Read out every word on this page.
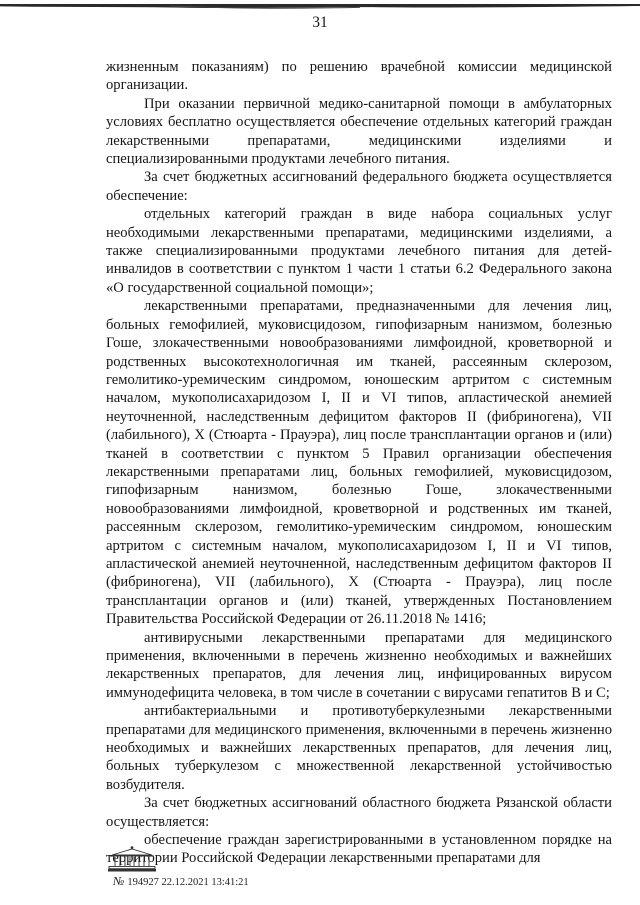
31

жизненным показаниям) по решению врачебной комиссии медицинской организации.

При оказании первичной медико-санитарной помощи в амбулаторных условиях бесплатно осуществляется обеспечение отдельных категорий граждан лекарственными препаратами, медицинскими изделиями и специализированными продуктами лечебного питания.

За счет бюджетных ассигнований федерального бюджета осуществляется обеспечение:

отдельных категорий граждан в виде набора социальных услуг необходимыми лекарственными препаратами, медицинскими изделиями, а также специализированными продуктами лечебного питания для детей-инвалидов в соответствии с пунктом 1 части 1 статьи 6.2 Федерального закона «О государственной социальной помощи»;

лекарственными препаратами, предназначенными для лечения лиц, больных гемофилией, муковисцидозом, гипофизарным нанизмом, болезнью Гоше, злокачественными новообразованиями лимфоидной, кроветворной и родственных высокотехнологичная им тканей, рассеянным склерозом, гемолитико-уремическим синдромом, юношеским артритом с системным началом, мукополисахаридозом I, II и VI типов, апластической анемией неуточненной, наследственным дефицитом факторов II (фибриногена), VII (лабильного), X (Стюарта - Прауэра), лиц после трансплантации органов и (или) тканей в соответствии с пунктом 5 Правил организации обеспечения лекарственными препаратами лиц, больных гемофилией, муковисцидозом, гипофизарным нанизмом, болезнью Гоше, злокачественными новообразованиями лимфоидной, кроветворной и родственных им тканей, рассеянным склерозом, гемолитико-уремическим синдромом, юношеским артритом с системным началом, мукополисахаридозом I, II и VI типов, апластической анемией неуточненной, наследственным дефицитом факторов II (фибриногена), VII (лабильного), X (Стюарта - Прауэра), лиц после трансплантации органов и (или) тканей, утвержденных Постановлением Правительства Российской Федерации от 26.11.2018 № 1416;

антивирусными лекарственными препаратами для медицинского применения, включенными в перечень жизненно необходимых и важнейших лекарственных препаратов, для лечения лиц, инфицированных вирусом иммунодефицита человека, в том числе в сочетании с вирусами гепатитов В и С;

антибактериальными и противотуберкулезными лекарственными препаратами для медицинского применения, включенными в перечень жизненно необходимых и важнейших лекарственных препаратов, для лечения лиц, больных туберкулезом с множественной лекарственной устойчивостью возбудителя.

За счет бюджетных ассигнований областного бюджета Рязанской области осуществляется:

обеспечение граждан зарегистрированными в установленном порядке на территории Российской Федерации лекарственными препаратами для

№ 194927 22.12.2021 13:41:21
